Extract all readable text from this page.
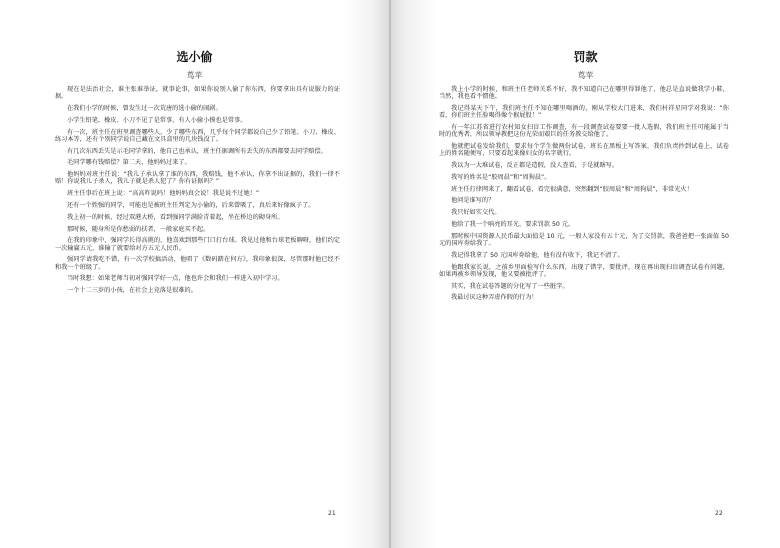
选小偷
茑苹

现在是法治社会，谁主张谁举证，就事论事，如果你说别人偷了你东西，你要拿出具有说服力的证据。

在我们小学的时候，曾发生过一次荒唐的选小偷的闹剧。

小学生铅笔、橡皮、小刀不见了是常事，有人小偷小摸也是常事。

有一次，班主任在班里调查哪些人，少了哪些东西，几乎每个同学都说自己少了铅笔、小刀、橡皮、练习本等，还有个别同学说自己藏在文具盒里的几块钱没了。

有几次东西丢失是示毛同学拿的，他自己也承认，班主任据调所有丢失的东西都要去同学赔偿。

毛同学哪有钱赔偿？第二天，他妈妈过来了。

他妈妈对班主任说：“我儿子承认拿了谁的东西，我赔钱，他不承认，你拿不出证据的，我们一律不赔！你说我儿子杀人，我儿子就是杀人犯了？你有证据吗？”

班主任事后在班上说：“高高咋说吗！他妈妈真会说！我是说不过她！”

还有一个姓强的同学，可能也是被班主任判定为小偷的，后来曾吸了，真后来好像疯子了。

我上初一的时候，经过双港大桥，看到强同学满脸青着起，坐在桥边的砌身所。

那时候，随身所是你愁弱的扶者，一般家庭买不起。

在我的印象中，强同学长得高挑的，他喜欢到那些门口打台球。我见过他和台球老板聊呀，他们约定一次输赢五元，谁输了就要给对方五元人民币。

强同学请我吃不错，有一次学校搞活动，他唱了《数码踏在何方》，我印象很深，尽管那时他已经不和我一个班级了。

当时我想：如果老师当初对强同学好一点，他也许会和我们一样进入初中学习。

一个十二三岁的小孩，在社会上竟落是很难的。

21
罚款
茑苹

我上小学的时候，和班主任老师关系不好，我不知道自己在哪里得罪他了，他总是直说做我学小鞋，当然，我也看不惯他。

我记得某天下午，我们班主任不知在哪里喝酒的，刚从学校大门进来，我们村祥星同学对我说：“你看，你们班主任脸喝得像个猴屁股！”

有一年江苏省进行农村知女扫盲工作调查，有一段调查试卷要要一批人选假，我们班主任可能属于当时的优秀者，所以领导教把这份光荣而艰巨的任务教交给他了。

他就把试卷发给我们，要求每个学生做两份试卷，班长在黑板上写答案，我们负责抄到试卷上，试卷上的姓名随便写，只要看起来像妇女的名字就行。

我以为一大堆试卷，反正都是造假，没人查看，于是就瞎写。

我写的姓名是“胶周晨”和“周狗晨”。

班主任打律网来了，翻看试卷，看完很满意，突然翻到“胶周晨”和“周狗晨”，非常光火！

他问是谁写的？

我只好如实交代。

他给了我一个响亮的耳光，要求罚款 50 元。

那时候中国资源人民币最大面值是 10 元，一般人家没有五十元，为了交罚款，我爸爸把一张面值 50 元的国库券给我了。

我记得我拿了 50 元国库券给他，他有没有收下，我记不清了。

他跟我家长说，之前乡里面检写什么东西，出现了错字，要批评，现在再出现扫盲调查试卷有问题，如果再被乡领导发现，他又要被批评了。

其实，我在试卷答题的分化写了一些脏字。

我最讨厌这种弄虚作假的行为！

22
